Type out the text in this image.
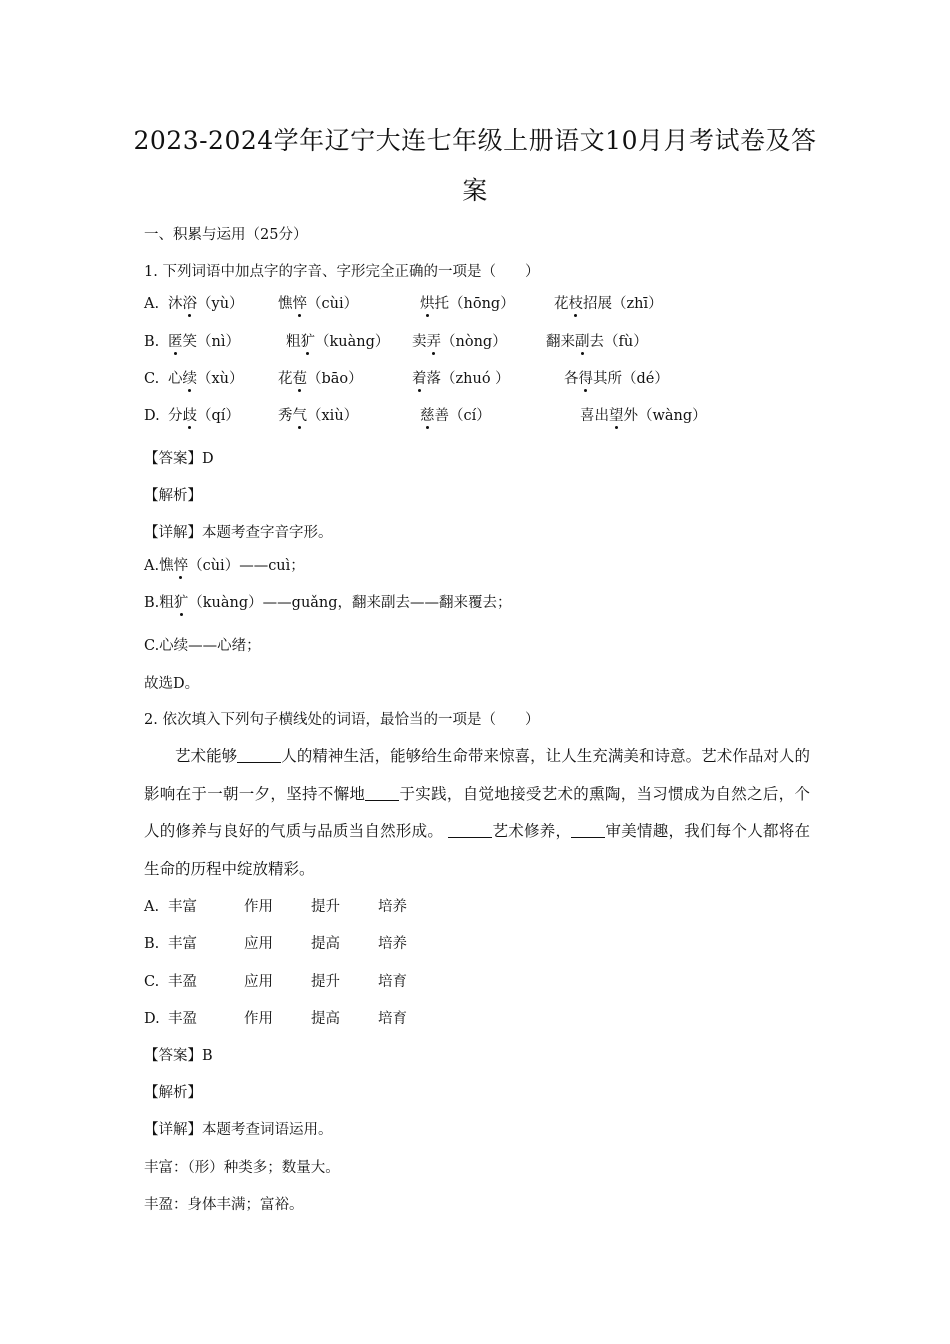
2023-2024学年辽宁大连七年级上册语文10月月考试卷及答
案
一、积累与运用（25分）
1. 下列词语中加点字的字音、字形完全正确的一项是（　　）
A. 沐浴（yù） 憔悴（cùi）	烘托（hōng）	花枝招展（zhī）
B. 匿笑（nì）	粗犷（kuàng） 卖弄（nòng）	翻来副去（fù）
C. 心续（xù） 花苞（bāo）	着落（zhuó ）	各得其所（dé）
D. 分歧（qí）	秀气（xiù）	慈善（cí）	喜出望外（wàng）
【答案】D
【解析】
【详解】本题考查字音字形。
A.憔悴（cùi）——cuì；
B.粗犷（kuàng）——guǎng，翻来副去——翻来覆去；
C.心续——心绪；
故选D。
2. 依次填入下列句子横线处的词语，最恰当的一项是（　　）
艺术能够	人的精神生活，能够给生命带来惊喜，让人生充满美和诗意。艺术作品对人的影响在于一朝一夕，坚持不懈地 于实践，自觉地接受艺术的熏陶，当习惯成为自然之后，个人的修养与良好的气质与品质当自然形成。	艺术修养， 审美情趣，我们每个人都将在生命的历程中绽放精彩。
A. 丰富	作用	提升	培养
B. 丰富	应用	提高	培养
C. 丰盈	应用	提升	培育
D. 丰盈	作用	提高	培育
【答案】B
【解析】
【详解】本题考查词语运用。
丰富：（形）种类多；数量大。
丰盈：身体丰满；富裕。
